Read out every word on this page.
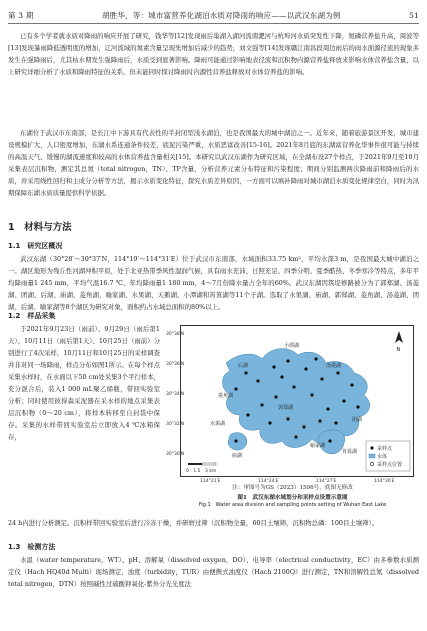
第 3 期	胡胜华，等：城市富营养化湖泊水质对降雨的响应——以武汉东湖为例	51
已有多个学者就水质对降雨的响应开展了研究，钱华等[12]发现雨后巢湖入湖河流南淝河与杭埠河水质突发性下降，氮磷营养盐升高，周波等[13]发现暴雨降低透明度的增加，辽河流域的氮素含量呈现先增加后减少的趋势，刘文强等[14]发现赣江南昌段周边雨后的雨水面源径流的现象多发生在强降雨后，尤其枯水期发生强降雨后，水质受到显著影响。降雨可能通过影响地表径流和沉积物内源营养盐释放来影响水体营养盐含量，以上研究详细分析了水质和降雨特征的关系，但未能同时探讨降雨时内源性营养盐释放对水体营养盐的影响。
东湖位于武汉市东南部，是长江中下游具有代表性的半封闭型浅水湖泊，也是我国最大的城中湖泊之一。近年来，随着旅游景区开发，城市建设规模扩大，人口密度增加，东湖水系连通条件较差，底泥污染严重，水质恶富改善[15-16]。2021年8月底的东湖富营养化华事件很可能与持续的高温天气、缓慢的湖流速度和较高的水体营养盐含量相关[15]。本研究以武汉东湖作为研究区域，在全湖布设27个样点，于2021年9月至10月采集表层沉积物，测定其总氮（total nitrogen，TN）、TP含量，分析营养元素分布特征和污染程度；期间分别监测两次降雨前和降雨后的水质，并采用线性回归和主成分分析等方法，揭示水质变化特征，探究水质差异原因，一方面可以填补降雨对城市湖泊水质变化规律空白，同时为汛期保障东湖水质质量提供科学依据。
1　材料与方法
1.1　研究区概况
武汉东湖（30°28′～30°37′N，114°19′～114°31′E）位于武汉市东南部，水域面积33.75 km²，平均水深3 m，是我国最大城中湖泊之一。湖区地形为残丘性河湖冲积平原，处于北亚热带季风性湿润气候，具有雨水充沛、日照充足、四季分明、夏季酷热、冬季寒冷等特点，多年平均降雨量1 245 mm，平均气温16.7 ℃，年均降雨量1 180 mm，4～7月份降水量占全年的60%。武汉东湖因筑堤修路被分为了郭郑湖、汤菱湖、团湖、后湖、庙湖、菱角湖、喻家湖、水果湖、天鹅湖、小潭湖和筲箕湖等11个子湖。选取了水果湖、庙湖、郭郑湖、菱角湖、汤菱湖、团湖、后湖、喻家湖等8个湖区为研究对象，面积约占水域总面积的80%以上。
1.2　样品采集
于2021年9月23日（雨前）、9月29日（雨后第1天）、10月11日（雨后第1天）、10月25日（雨前）分别进行了4次采样，10月11日和10月25日的采样调查并非对同一场降雨，样点分布如图1所示。在每个样点采集水样时，在水面以下50 cm处采集3个平行样本，充分混合后，装入1 000 mL聚乙烯瓶，带回实验室分析；同时使用彼得森采泥器在采水样的地点采集表层沉积物（0～20 cm），将样本转移至自封袋中保存。采集的水样带回实验室后立即放入4 ℃冰箱保存，
24 h内进行分析测定。沉积样带回实验室后进行冷冻干燥，并研磨过筛（沉积物全量，60目土壤筛，沉积物总磷：100目土壤筛）。
小潭湖
汤菱湖
后湖
团湖
郭郑湖
喻家湖
菱角湖
水果湖
庙湖
筲箕湖
30°38′N
30°36′N
30°34′N
30°32′N
30°30′N
114°21′E	114°24′E	114°27′E	114°30′E
N
采样点
水体
采样点位置
0　1.5　3 km
注：审图号为GS（2023）1506号，底图无修改
图1　武汉东湖水域划分和采样点设置示意图
Fig.1　Water area division and sampling points setting of Wuhan East Lake
1.3　检测方法
水温（water temperature，WT）、pH、溶解氧（dissolved oxygen，DO）、电导率（electrical conductivity，EC）由多参数水质测定仪（Hach HQ40d Multi）现场测定，浊度（turbidity，TUR）由便携式浊度仪（Hach 2100Q）进行测定，TN和溶解性总氮（dissolved total nitrogen，DTN）按照碱性过硫酸钾氧化-紫外分光光度法
